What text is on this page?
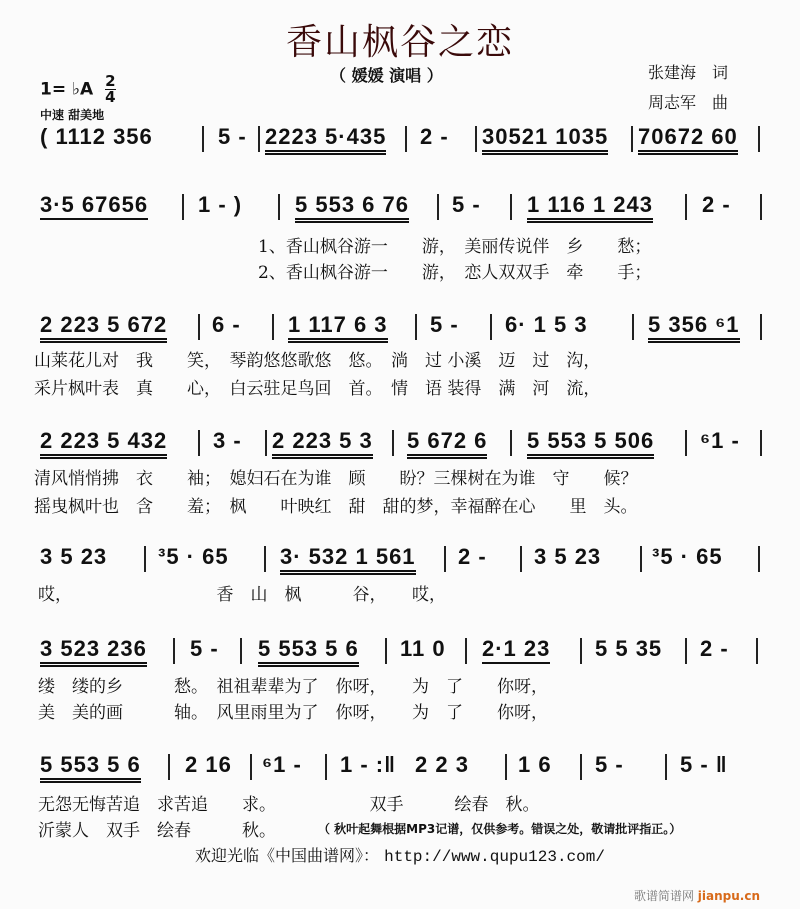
香山枫谷之恋
（ 媛媛 演唱 ）	张建海　词
周志军　曲
1= ♭A $\frac{2}{4}$
中速 甜美地
( 1112 356	5 - 2223 5·435 2 - 30521 1035 70672 60
3·5 67656 1 - ) 5 553 6 76 5 - 1 116 1 243 2 -
1、香山枫谷游一　　游，　美丽传说伴　乡　　愁；
2、香山枫谷游一　　游，　恋人双双手　牵　　手；
2 223 5 672 6 - 1 117 6 3 5 - 6· 1 5 3	5 356 ⁶1
山莱花儿对　我　　笑，　琴韵悠悠歌悠　悠。　淌　过 小溪　迈　过　沟，
采片枫叶表　真　　心，　白云驻足鸟回　首。　情　语 装得　满　河　流，
2 223 5 432 3 - 2 223 5 3 5 672 6 5 553 5 506 ⁶1 -
清风悄悄拂　衣　　袖；　媳妇石在为谁　顾　　盼？三棵树在为谁　守　　候？
摇曳枫叶也　含　　羞；　枫　　叶映红　甜　甜的梦，幸福醉在心　　里　头。
3 5 23 ³5 · 65 3· 532 1 561 2 - 3 5 23 ³5 · 65
哎，　　　　　　　　　香　山　枫　　　谷，　　哎，
3 523 236 5 - 5 553 5 6 11 0 2·1 23 5 5 35 2 -
缕　缕的乡　　　愁。　祖祖辈辈为了　你呀，　　为　了　　你呀，
美　美的画　　　轴。　风里雨里为了　你呀，　　为　了　　你呀，
5 553 5 6 2 16 ⁶1 - 1 - :‖ 2 2 3 1 6 5 -	5 - ‖
无怨无悔苦追　求苦追　　求。　　　　　　双手　　　绘春　秋。
沂蒙人　双手　绘春　　　秋。	（ 秋叶起舞根据MP3记谱，仅供参考。错误之处，敬请批评指正。）
欢迎光临《中国曲谱网》： http://www.qupu123.com/
歌谱简谱网 jianpu.cn
